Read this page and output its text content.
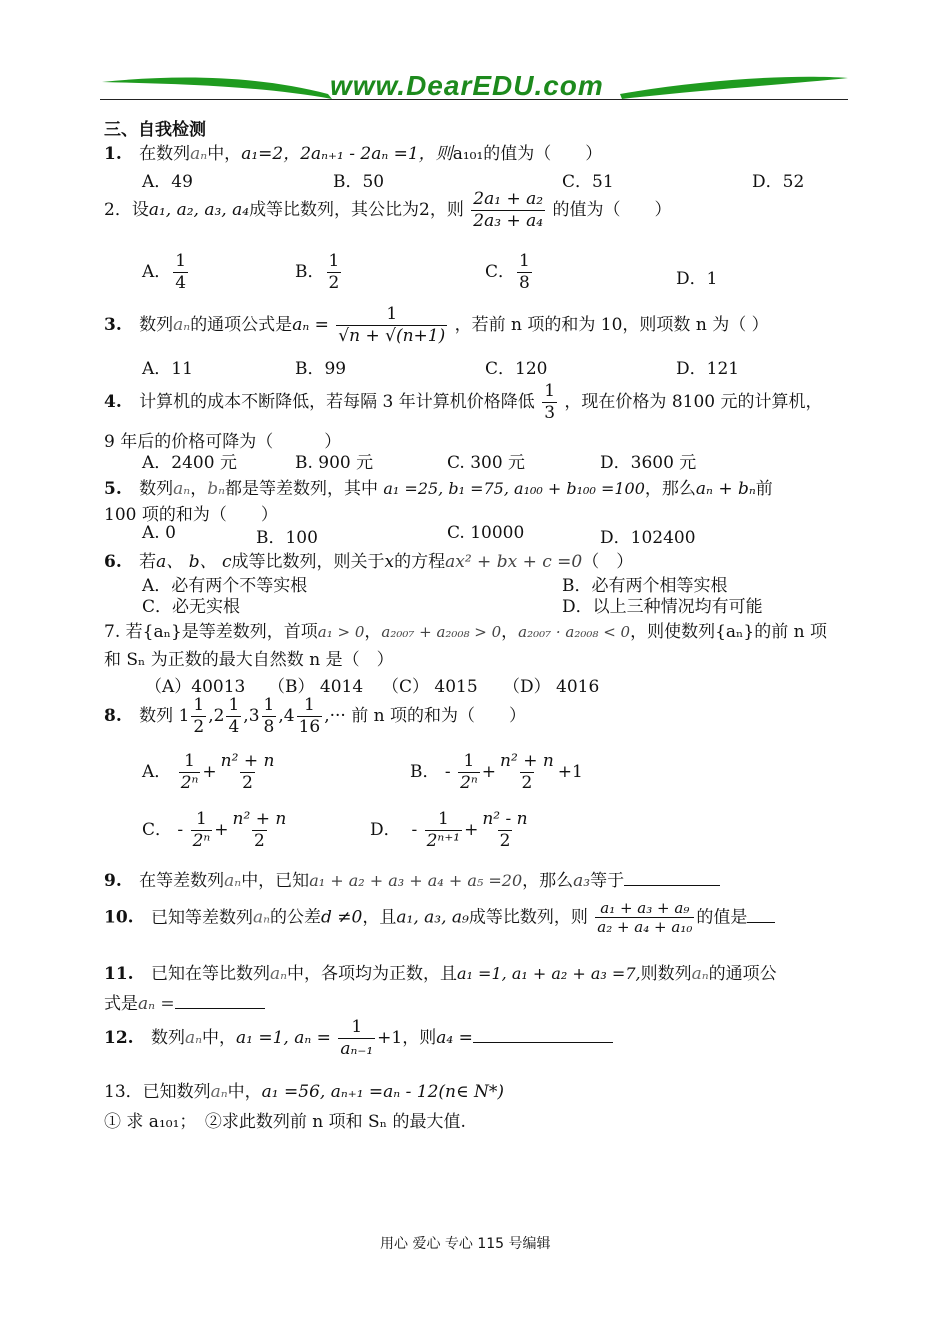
www.DearEDU.com
三、自我检测
1. 在数列aₙ中，a₁=2，2aₙ₊₁ - 2aₙ =1，则a₁₀₁的值为（　　）
A．49	B．50	C．51	D．52
2．设a₁, a₂, a₃, a₄成等比数列，其公比为2，则 $\frac{\text{2a₁ + a₂}}{\text{2a₃ + a₄}}$ 的值为（　　）
A． $\frac{1}{4}$	B． $\frac{1}{2}$	C． $\frac{1}{8}$	D．1
3. 数列aₙ的通项公式是$a_n = \frac{1}{√n + √(n+1)}$ ，若前 n 项的和为 10，则项数 n 为（ ）
A．11	B．99	C．120	D．121
4. 计算机的成本不断降低，若每隔 3 年计算机价格降低 $\frac{1}{3}$ ，现在价格为 8100 元的计算机，
9 年后的价格可降为（　　　）
A．2400 元	B. 900 元	C. 300 元	D．3600 元
5. 数列aₙ，bₙ都是等差数列，其中 a₁ =25, b₁ =75, a₁₀₀ + b₁₀₀ =100，那么aₙ + bₙ前
100 项的和为（　　）
A. 0	B．100	C. 10000	D．102400
6. 若a、 b、 c成等比数列，则关于x的方程ax² + bx + c =0（　）
A．必有两个不等实根	B．必有两个相等实根
C．必无实根	D．以上三种情况均有可能
7. 若{aₙ}是等差数列，首项a₁ > 0，a₂₀₀₇ + a₂₀₀₈ > 0，a₂₀₀₇ · a₂₀₀₈ < 0，则使数列{aₙ}的前 n 项
和 Sₙ 为正数的最大自然数 n 是（　）
（A）40013 （B） 4014 （C） 4015 （D） 4016
8. 数列 $1 \frac{1}{2} ,2 \frac{1}{4} ,3 \frac{1}{8} ,4 \frac{1}{16}$ ,··· 前 n 项的和为（　　）
A． $\frac{1}{\text{2ⁿ}} + \frac{\text{n² + n}}{2}$	B． - $\frac{1}{\text{2ⁿ}} + \frac{\text{n² + n}}{2} +1$
C． - $\frac{1}{\text{2ⁿ}} + \frac{\text{n² + n}}{2}$	D．  - $\frac{1}{\text{2ⁿ⁺¹}} + \frac{\text{n² - n}}{2}$
9. 在等差数列aₙ中，已知a₁ + a₂ + a₃ + a₄ + a₅ =20，那么a₃等于
10. 已知等差数列aₙ的公差d ≠0，且a₁, a₃, a₉成等比数列，则 $\frac{\text{a₁ + a₃ + a₉}}{\text{a₂ + a₄ + a₁₀}}$ 的值是
11. 已知在等比数列aₙ中，各项均为正数，且a₁ =1, a₁ + a₂ + a₃ =7,则数列aₙ的通项公
式是aₙ =
12. 数列aₙ中，a₁ =1, $a_n = \frac{1}{\text{aₙ₋₁}} +1$，则a₄ =
13．已知数列aₙ中，a₁ =56, aₙ₊₁ =aₙ - 12(n∈ N*)
① 求 a₁₀₁；　②求此数列前 n 项和 Sₙ 的最大值.
用心 爱心 专心 115 号编辑
